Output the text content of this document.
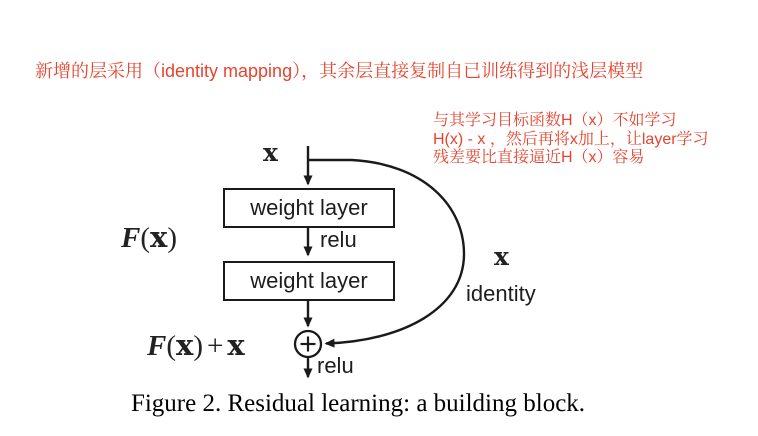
新增的层采用（identity mapping），其余层直接复制自已训练得到的浅层模型
与其学习目标函数H（x）不如学习
H(x) - x ，然后再将x加上，让layer学习
残差要比直接逼近H（x）容易
x
weight layer
weight layer
relu
relu
F(x)
F(x) + x
x
identity
Figure 2. Residual learning: a building block.
